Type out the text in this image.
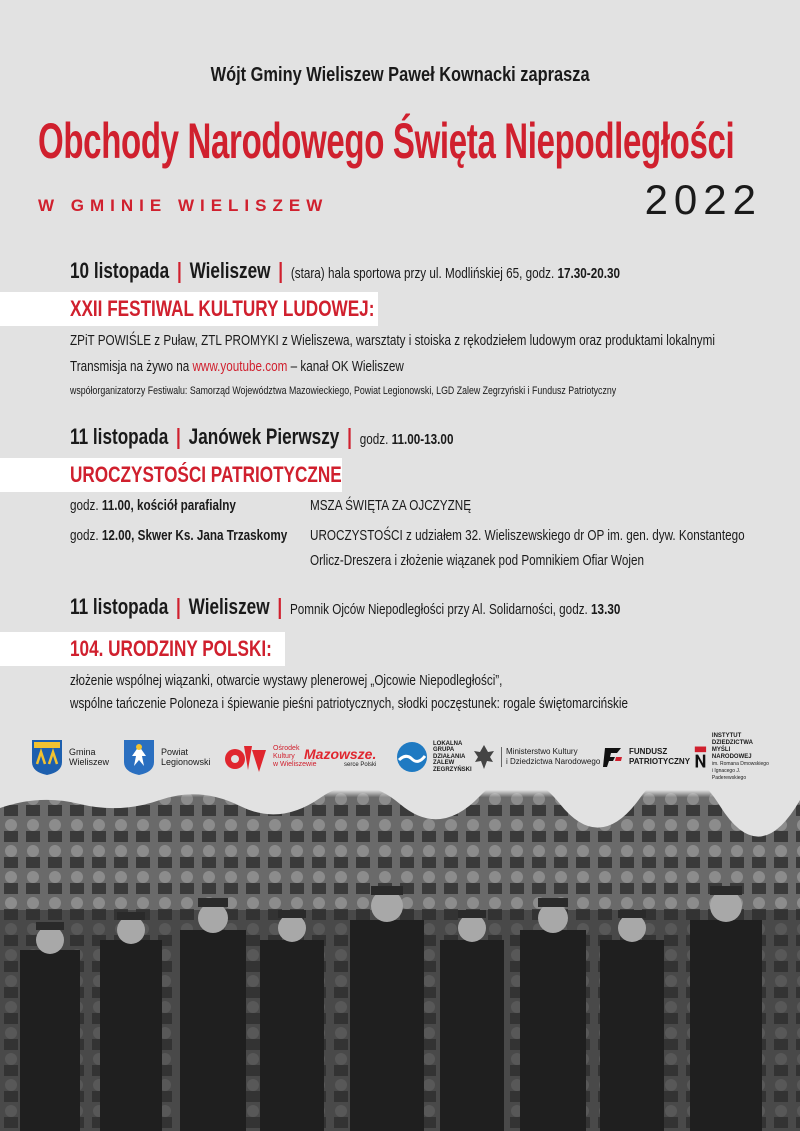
Wójt Gminy Wieliszew Paweł Kownacki zaprasza
Obchody Narodowego Święta Niepodległości
W GMINIE WIELISZEW	2022
10 listopada | Wieliszew | (stara) hala sportowa przy ul. Modlińskiej 65, godz. 17.30-20.30
XXII FESTIWAL KULTURY LUDOWEJ:
ZPiT POWIŚLE z Puław, ZTL PROMYKI z Wieliszewa, warsztaty i stoiska z rękodziełem ludowym oraz produktami lokalnymi
Transmisja na żywo na www.youtube.com – kanał OK Wieliszew
współorganizatorzy Festiwalu: Samorząd Województwa Mazowieckiego, Powiat Legionowski, LGD Zalew Zegrzyński i Fundusz Patriotyczny
11 listopada | Janówek Pierwszy | godz. 11.00-13.00
UROCZYSTOŚCI PATRIOTYCZNE
godz. 11.00, kościół parafialny	MSZA ŚWIĘTA ZA OJCZYZNĘ
godz. 12.00, Skwer Ks. Jana Trzaskomy	UROCZYSTOŚCI z udziałem 32. Wieliszewskiego dr OP im. gen. dyw. Konstantego
Orlicz-Dreszera i złożenie wiązanek pod Pomnikiem Ofiar Wojen
11 listopada | Wieliszew | Pomnik Ojców Niepodległości przy Al. Solidarności, godz. 13.30
104. URODZINY POLSKI:
złożenie wspólnej wiązanki, otwarcie wystawy plenerowej „Ojcowie Niepodległości”,
wspólne tańczenie Poloneza i śpiewanie pieśni patriotycznych, słodki poczęstunek: rogale świętomarcińskie
Gmina
Wieliszew
Powiat
Legionowski
Ośrodek
Kultury
w Wieliszewie
Mazowsze.
serce Polski
LOKALNA
GRUPA
DZIAŁANIA
ZALEW
ZEGRZYŃSKI
Ministerstwo Kultury
i Dziedzictwa Narodowego
FUNDUSZ
PATRIOTYCZNY
INSTYTUT DZIEDZICTWA
MYŚLI NARODOWEJ
im. Romana Dmowskiego
i Ignacego J. Paderewskiego
